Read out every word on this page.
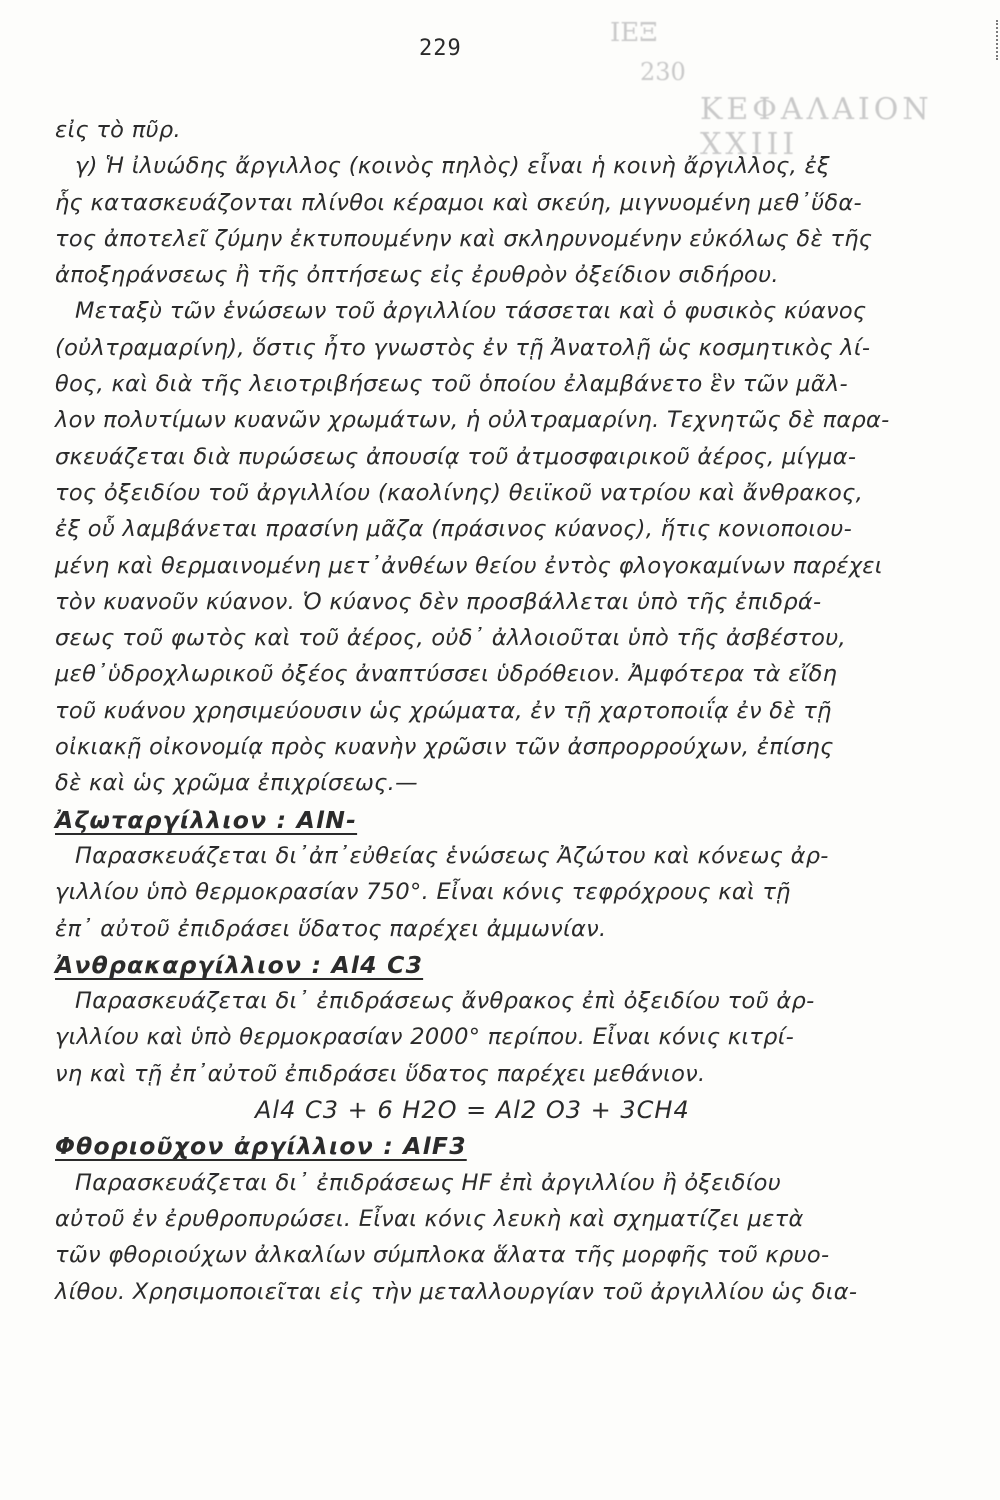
ΙΕΞ
230
ΚΕΦΑΛΑΙΟΝ ΧΧΙΙΙ
229
εἰς τὸ πῦρ.
γ) Ἡ ἰλυώδης ἄργιλλος (κοινὸς πηλὸς) εἶναι ἡ κοινὴ ἄργιλλος, ἐξ
ἧς κατασκευάζονται πλίνθοι κέραμοι καὶ σκεύη, μιγνυομένη μεθ᾽ὕδα-
τος ἀποτελεῖ ζύμην ἐκτυπουμένην καὶ σκληρυνομένην εὐκόλως δὲ τῆς
ἀποξηράνσεως ἢ τῆς ὀπτήσεως εἰς ἐρυθρὸν ὀξείδιον σιδήρου.
Μεταξὺ τῶν ἑνώσεων τοῦ ἀργιλλίου τάσσεται καὶ ὁ φυσικὸς κύανος
(οὐλτραμαρίνη), ὅστις ἦτο γνωστὸς ἐν τῇ Ἀνατολῇ ὡς κοσμητικὸς λί-
θος, καὶ διὰ τῆς λειοτριβήσεως τοῦ ὁποίου ἐλαμβάνετο ἓν τῶν μᾶλ-
λον πολυτίμων κυανῶν χρωμάτων, ἡ οὐλτραμαρίνη. Τεχνητῶς δὲ παρα-
σκευάζεται διὰ πυρώσεως ἀπουσίᾳ τοῦ ἀτμοσφαιρικοῦ ἀέρος, μίγμα-
τος ὀξειδίου τοῦ ἀργιλλίου (καολίνης) θειϊκοῦ νατρίου καὶ ἄνθρακος,
ἐξ οὗ λαμβάνεται πρασίνη μᾶζα (πράσινος κύανος), ἥτις κονιοποιου-
μένη καὶ θερμαινομένη μετ᾽ἀνθέων θείου ἐντὸς φλογοκαμίνων παρέχει
τὸν κυανοῦν κύανον. Ὁ κύανος δὲν προσβάλλεται ὑπὸ τῆς ἐπιδρά-
σεως τοῦ φωτὸς καὶ τοῦ ἀέρος, οὐδ᾽ ἀλλοιοῦται ὑπὸ τῆς ἀσβέστου,
μεθ᾽ὑδροχλωρικοῦ ὀξέος ἀναπτύσσει ὑδρόθειον. Ἀμφότερα τὰ εἴδη
τοῦ κυάνου χρησιμεύουσιν ὡς χρώματα, ἐν τῇ χαρτοποιΐᾳ ἐν δὲ τῇ
οἰκιακῇ οἰκονομίᾳ πρὸς κυανὴν χρῶσιν τῶν ἀσπρορρούχων, ἐπίσης
δὲ καὶ ὡς χρῶμα ἐπιχρίσεως.—
Ἀζωταργίλλιον : AlN-
Παρασκευάζεται δι᾽ἀπ᾽εὐθείας ἑνώσεως Ἀζώτου καὶ κόνεως ἀρ-
γιλλίου ὑπὸ θερμοκρασίαν 750°. Εἶναι κόνις τεφρόχρους καὶ τῇ
ἐπ᾽ αὐτοῦ ἐπιδράσει ὕδατος παρέχει ἀμμωνίαν.
Ἀνθρακαργίλλιον : Al4 C3
Παρασκευάζεται δι᾽ ἐπιδράσεως ἄνθρακος ἐπὶ ὀξειδίου τοῦ ἀρ-
γιλλίου καὶ ὑπὸ θερμοκρασίαν 2000° περίπου. Εἶναι κόνις κιτρί-
νη καὶ τῇ ἐπ᾽αὐτοῦ ἐπιδράσει ὕδατος παρέχει μεθάνιον.
Al4 C3 + 6 H2O = Al2 O3 + 3CH4
Φθοριοῦχον ἀργίλλιον : AlF3
Παρασκευάζεται δι᾽ ἐπιδράσεως HF ἐπὶ ἀργιλλίου ἢ ὀξειδίου
αὐτοῦ ἐν ἐρυθροπυρώσει. Εἶναι κόνις λευκὴ καὶ σχηματίζει μετὰ
τῶν φθοριούχων ἀλκαλίων σύμπλοκα ἅλατα τῆς μορφῆς τοῦ κρυο-
λίθου. Χρησιμοποιεῖται εἰς τὴν μεταλλουργίαν τοῦ ἀργιλλίου ὡς δια-
